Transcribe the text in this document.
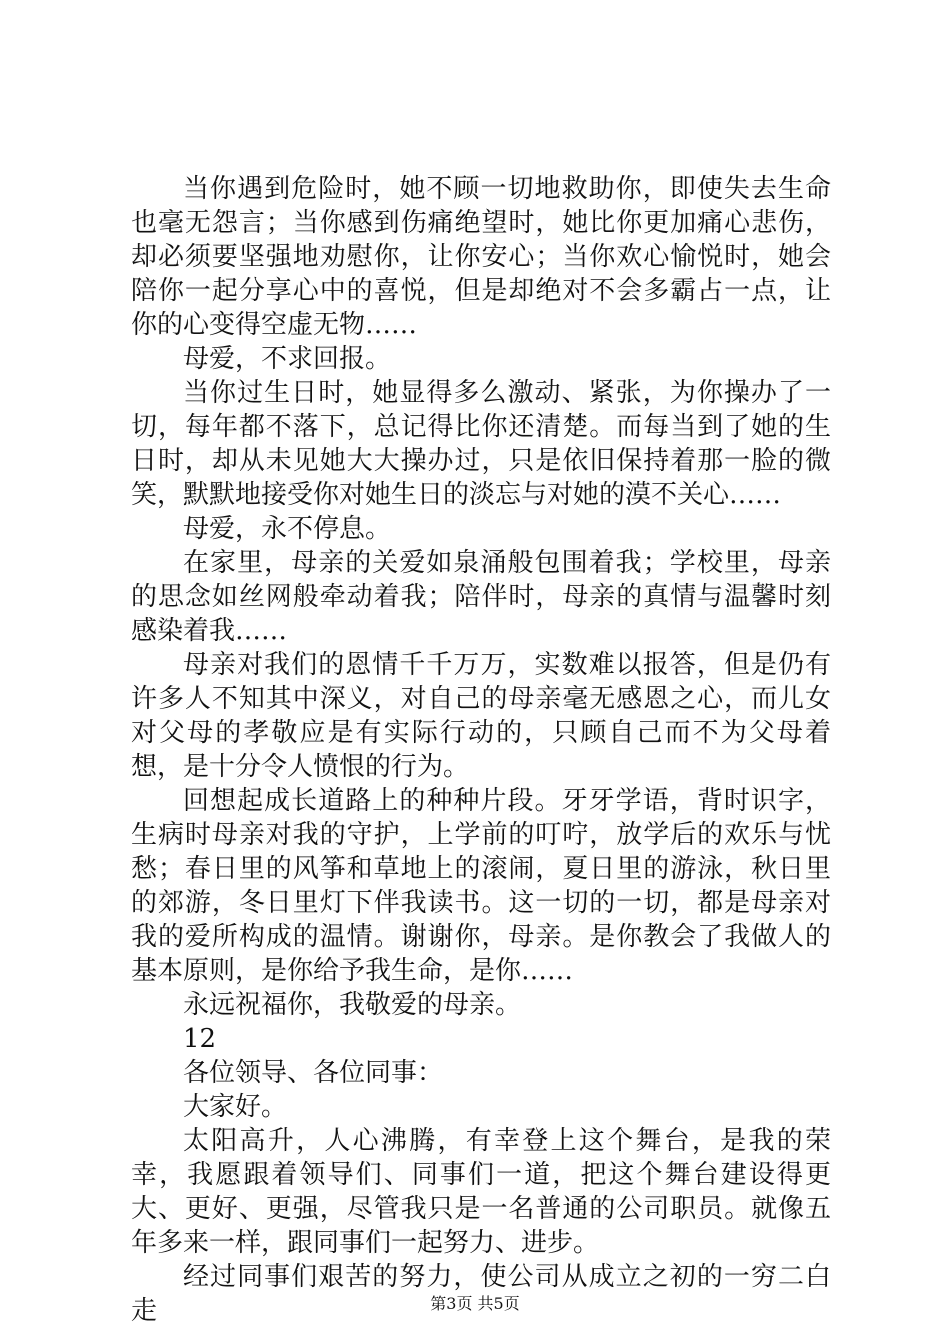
当你遇到危险时，她不顾一切地救助你，即使失去生命也毫无怨言；当你感到伤痛绝望时，她比你更加痛心悲伤，却必须要坚强地劝慰你，让你安心；当你欢心愉悦时，她会陪你一起分享心中的喜悦，但是却绝对不会多霸占一点，让你的心变得空虚无物……

母爱，不求回报。

当你过生日时，她显得多么激动、紧张，为你操办了一切，每年都不落下，总记得比你还清楚。而每当到了她的生日时，却从未见她大大操办过，只是依旧保持着那一脸的微笑，默默地接受你对她生日的淡忘与对她的漠不关心……

母爱，永不停息。

在家里，母亲的关爱如泉涌般包围着我；学校里，母亲的思念如丝网般牵动着我；陪伴时，母亲的真情与温馨时刻感染着我……

母亲对我们的恩情千千万万，实数难以报答，但是仍有许多人不知其中深义，对自己的母亲毫无感恩之心，而儿女对父母的孝敬应是有实际行动的，只顾自己而不为父母着想，是十分令人愤恨的行为。

回想起成长道路上的种种片段。牙牙学语，背时识字，生病时母亲对我的守护，上学前的叮咛，放学后的欢乐与忧愁；春日里的风筝和草地上的滚闹，夏日里的游泳，秋日里的郊游，冬日里灯下伴我读书。这一切的一切，都是母亲对我的爱所构成的温情。谢谢你，母亲。是你教会了我做人的基本原则，是你给予我生命，是你……

永远祝福你，我敬爱的母亲。

12

各位领导、各位同事：

大家好。

太阳高升，人心沸腾，有幸登上这个舞台，是我的荣幸，我愿跟着领导们、同事们一道，把这个舞台建设得更大、更好、更强，尽管我只是一名普通的公司职员。就像五年多来一样，跟同事们一起努力、进步。

经过同事们艰苦的努力，使公司从成立之初的一穷二白走	第3页 共5页
